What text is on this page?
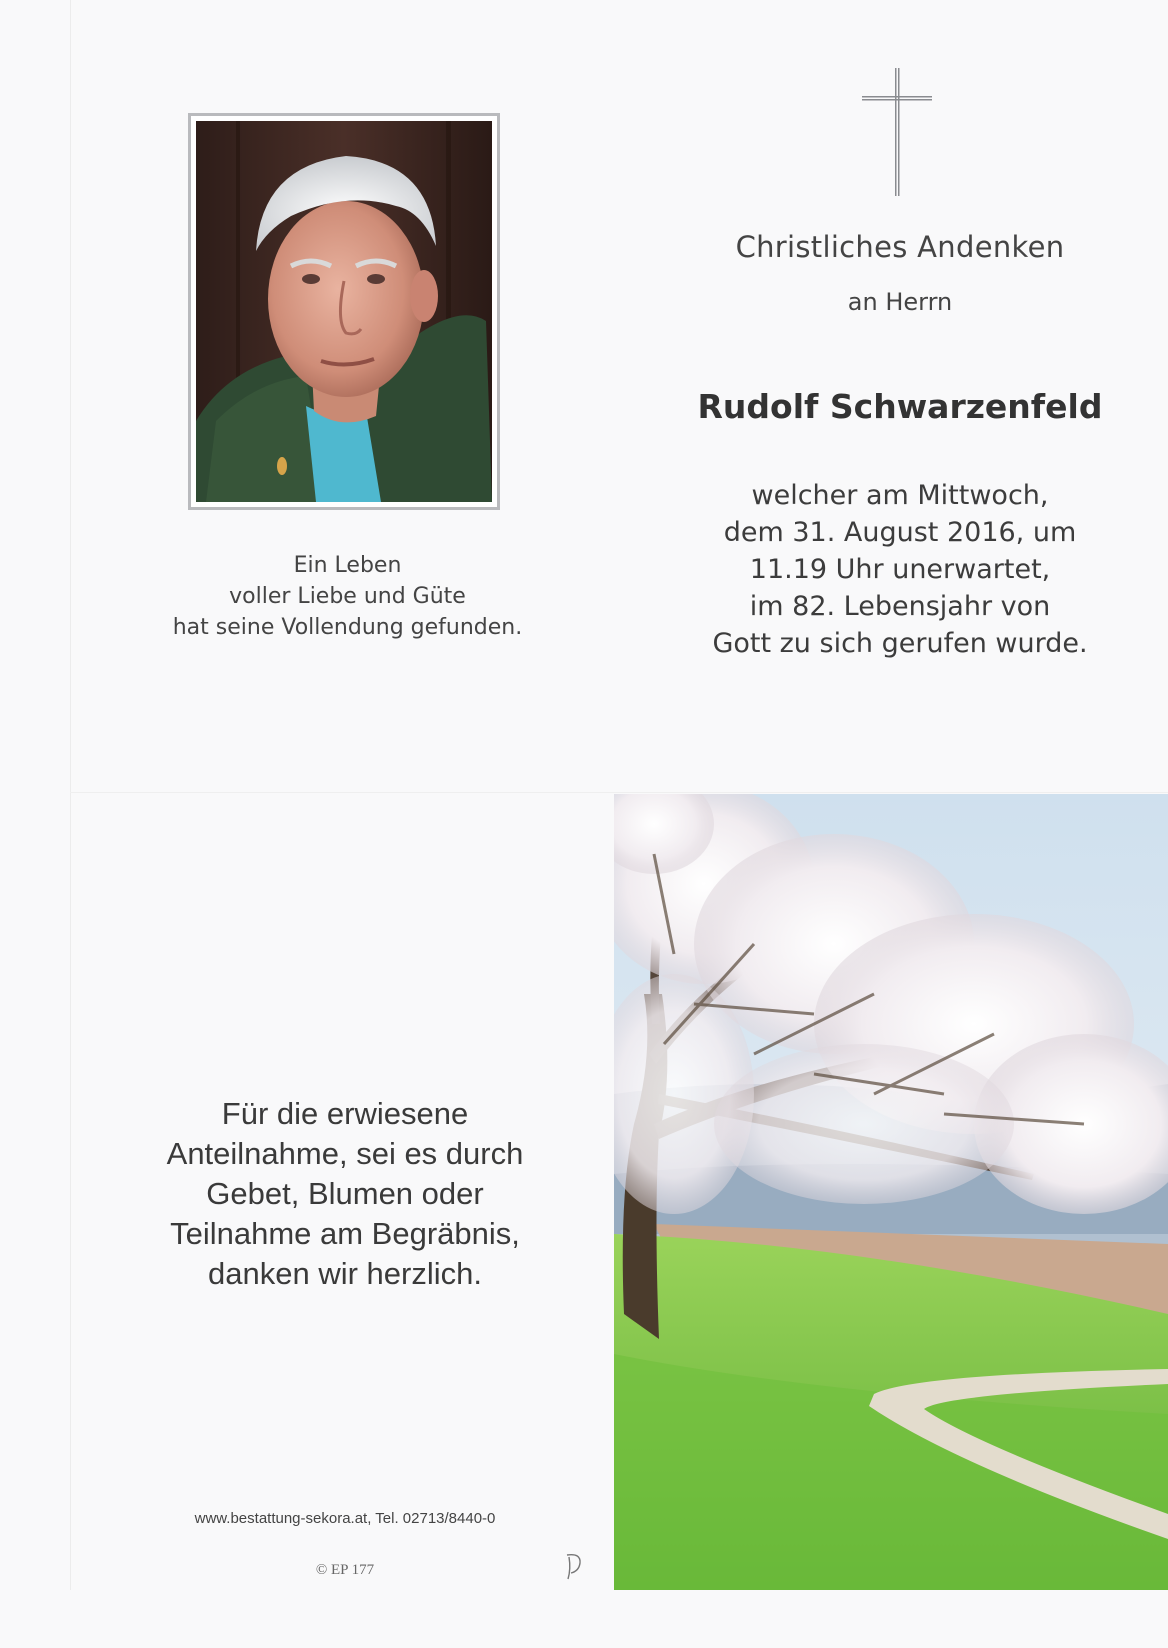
Ein Leben
voller Liebe und Güte
hat seine Vollendung gefunden.
Christliches Andenken
an Herrn
Rudolf Schwarzenfeld
welcher am Mittwoch,
dem 31. August 2016, um
11.19 Uhr unerwartet,
im 82. Lebensjahr von
Gott zu sich gerufen wurde.
Für die erwiesene
Anteilnahme, sei es durch
Gebet, Blumen oder
Teilnahme am Begräbnis,
danken wir herzlich.
www.bestattung-sekora.at, Tel. 02713/8440-0
© EP 177
